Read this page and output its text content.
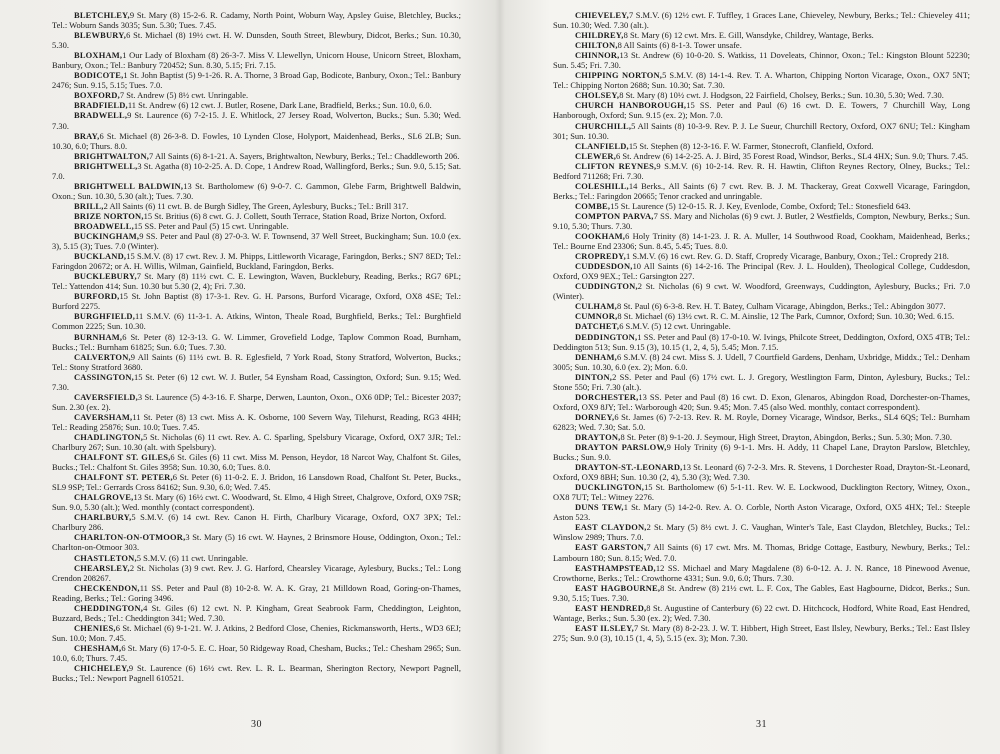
BLETCHLEY,9 St. Mary (8) 15-2-6. R. Cadamy, North Point, Woburn Way, Apsley Guise, Bletchley, Bucks.; Tel.: Woburn Sands 3035; Sun. 5.30; Tues. 7.45.

BLEWBURY,6 St. Michael (8) 19½ cwt. H. W. Dunsden, South Street, Blewbury, Didcot, Berks.; Sun. 10.30, 5.30.

BLOXHAM,1 Our Lady of Bloxham (8) 26-3-7. Miss V. Llewellyn, Unicorn House, Unicorn Street, Bloxham, Banbury, Oxon.; Tel.: Banbury 720452; Sun. 8.30, 5.15; Fri. 7.15.

BODICOTE,1 St. John Baptist (5) 9-1-26. R. A. Thorne, 3 Broad Gap, Bodicote, Banbury, Oxon.; Tel.: Banbury 2476; Sun. 9.15, 5.15; Tues. 7.0.

BOXFORD,7 St. Andrew (5) 8½ cwt. Unringable.

BRADFIELD,11 St. Andrew (6) 12 cwt. J. Butler, Rosene, Dark Lane, Bradfield, Berks.; Sun. 10.0, 6.0.

BRADWELL,9 St. Laurence (6) 7-2-15. J. E. Whitlock, 27 Jersey Road, Wolverton, Bucks.; Sun. 5.30; Wed. 7.30.

BRAY,6 St. Michael (8) 26-3-8. D. Fowles, 10 Lynden Close, Holyport, Maidenhead, Berks., SL6 2LB; Sun. 10.30, 6.0; Thurs. 8.0.

BRIGHTWALTON,7 All Saints (6) 8-1-21. A. Sayers, Brightwalton, Newbury, Berks.; Tel.: Chaddleworth 206.

BRIGHTWELL,3 St. Agatha (8) 10-2-25. A. D. Cope, 1 Andrew Road, Wallingford, Berks.; Sun. 9.0, 5.15; Sat. 7.0.

BRIGHTWELL BALDWIN,13 St. Bartholomew (6) 9-0-7. C. Gammon, Glebe Farm, Brightwell Baldwin, Oxon.; Sun. 10.30, 5.30 (alt.); Tues. 7.30.

BRILL,2 All Saints (6) 11 cwt. B. de Burgh Sidley, The Green, Aylesbury, Bucks.; Tel.: Brill 317.

BRIZE NORTON,15 St. Britius (6) 8 cwt. G. J. Collett, South Terrace, Station Road, Brize Norton, Oxford.

BROADWELL,15 SS. Peter and Paul (5) 15 cwt. Unringable.

BUCKINGHAM,9 SS. Peter and Paul (8) 27-0-3. W. F. Townsend, 37 Well Street, Buckingham; Sun. 10.0 (ex. 3), 5.15 (3); Tues. 7.0 (Winter).

BUCKLAND,15 S.M.V. (8) 17 cwt. Rev. J. M. Phipps, Littleworth Vicarage, Faringdon, Berks.; SN7 8ED; Tel.: Faringdon 20672; or A. H. Willis, Wilman, Gainfield, Buckland, Faringdon, Berks.

BUCKLEBURY,7 St. Mary (8) 11½ cwt. C. E. Lewington, Waven, Bucklebury, Reading, Berks.; RG7 6PL; Tel.: Yattendon 414; Sun. 10.30 but 5.30 (2, 4); Fri. 7.30.

BURFORD,15 St. John Baptist (8) 17-3-1. Rev. G. H. Parsons, Burford Vicarage, Oxford, OX8 4SE; Tel.: Burford 2275.

BURGHFIELD,11 S.M.V. (6) 11-3-1. A. Atkins, Winton, Theale Road, Burghfield, Berks.; Tel.: Burghfield Common 2225; Sun. 10.30.

BURNHAM,6 St. Peter (8) 12-3-13. G. W. Limmer, Grovefield Lodge, Taplow Common Road, Burnham, Bucks.; Tel.: Burnham 61825; Sun. 6.0; Tues. 7.30.

CALVERTON,9 All Saints (6) 11½ cwt. B. R. Eglesfield, 7 York Road, Stony Stratford, Wolverton, Bucks.; Tel.: Stony Stratford 3680.

CASSINGTON,15 St. Peter (6) 12 cwt. W. J. Butler, 54 Eynsham Road, Cassington, Oxford; Sun. 9.15; Wed. 7.30.

CAVERSFIELD,3 St. Laurence (5) 4-3-16. F. Sharpe, Derwen, Launton, Oxon., OX6 0DP; Tel.: Bicester 2037; Sun. 2.30 (ex. 2).

CAVERSHAM,11 St. Peter (8) 13 cwt. Miss A. K. Osborne, 100 Severn Way, Tilehurst, Reading, RG3 4HH; Tel.: Reading 25876; Sun. 10.0; Tues. 7.45.

CHADLINGTON,5 St. Nicholas (6) 11 cwt. Rev. A. C. Sparling, Spelsbury Vicarage, Oxford, OX7 3JR; Tel.: Charlbury 267; Sun. 10.30 (alt. with Spelsbury).

CHALFONT ST. GILES,6 St. Giles (6) 11 cwt. Miss M. Penson, Heydor, 18 Narcot Way, Chalfont St. Giles, Bucks.; Tel.: Chalfont St. Giles 3958; Sun. 10.30, 6.0; Tues. 8.0.

CHALFONT ST. PETER,6 St. Peter (6) 11-0-2. E. J. Bridon, 16 Lansdown Road, Chalfont St. Peter, Bucks., SL9 9SP; Tel.: Gerrards Cross 84162; Sun. 9.30, 6.0; Wed. 7.45.

CHALGROVE,13 St. Mary (6) 16½ cwt. C. Woodward, St. Elmo, 4 High Street, Chalgrove, Oxford, OX9 7SR; Sun. 9.0, 5.30 (alt.); Wed. monthly (contact correspondent).

CHARLBURY,5 S.M.V. (6) 14 cwt. Rev. Canon H. Firth, Charlbury Vicarage, Oxford, OX7 3PX; Tel.: Charlbury 286.

CHARLTON-ON-OTMOOR,3 St. Mary (5) 16 cwt. W. Haynes, 2 Brinsmore House, Oddington, Oxon.; Tel.: Charlton-on-Otmoor 303.

CHASTLETON,5 S.M.V. (6) 11 cwt. Unringable.

CHEARSLEY,2 St. Nicholas (3) 9 cwt. Rev. J. G. Harford, Chearsley Vicarage, Aylesbury, Bucks.; Tel.: Long Crendon 208267.

CHECKENDON,11 SS. Peter and Paul (8) 10-2-8. W. A. K. Gray, 21 Milldown Road, Goring-on-Thames, Reading, Berks.; Tel.: Goring 3496.

CHEDDINGTON,4 St. Giles (6) 12 cwt. N. P. Kingham, Great Seabrook Farm, Cheddington, Leighton, Buzzard, Beds.; Tel.: Cheddington 341; Wed. 7.30.

CHENIES,6 St. Michael (6) 9-1-21. W. J. Atkins, 2 Bedford Close, Chenies, Rickmansworth, Herts., WD3 6EJ; Sun. 10.0; Mon. 7.45.

CHESHAM,6 St. Mary (6) 17-0-5. E. C. Hoar, 50 Ridgeway Road, Chesham, Bucks.; Tel.: Chesham 2965; Sun. 10.0, 6.0; Thurs. 7.45.

CHICHELEY,9 St. Laurence (6) 16½ cwt. Rev. L. R. L. Bearman, Sherington Rectory, Newport Pagnell, Bucks.; Tel.: Newport Pagnell 610521.

30

CHIEVELEY,7 S.M.V. (6) 12½ cwt. F. Tuffley, 1 Graces Lane, Chieveley, Newbury, Berks.; Tel.: Chieveley 411; Sun. 10.30; Wed. 7.30 (alt.).

CHILDREY,8 St. Mary (6) 12 cwt. Mrs. E. Gill, Wansdyke, Childrey, Wantage, Berks.

CHILTON,8 All Saints (6) 8-1-3. Tower unsafe.

CHINNOR,13 St. Andrew (6) 10-0-20. S. Watkiss, 11 Doveleats, Chinnor, Oxon.; Tel.: Kingston Blount 52230; Sun. 5.45; Fri. 7.30.

CHIPPING NORTON,5 S.M.V. (8) 14-1-4. Rev. T. A. Wharton, Chipping Norton Vicarage, Oxon., OX7 5NT; Tel.: Chipping Norton 2688; Sun. 10.30; Sat. 7.30.

CHOLSEY,8 St. Mary (8) 10½ cwt. J. Hodgson, 22 Fairfield, Cholsey, Berks.; Sun. 10.30, 5.30; Wed. 7.30.

CHURCH HANBOROUGH,15 SS. Peter and Paul (6) 16 cwt. D. E. Towers, 7 Churchill Way, Long Hanborough, Oxford; Sun. 9.15 (ex. 2); Mon. 7.0.

CHURCHILL,5 All Saints (8) 10-3-9. Rev. P. J. Le Sueur, Churchill Rectory, Oxford, OX7 6NU; Tel.: Kingham 301; Sun. 10.30.

CLANFIELD,15 St. Stephen (8) 12-3-16. F. W. Farmer, Stonecroft, Clanfield, Oxford.

CLEWER,6 St. Andrew (6) 14-2-25. A. J. Bird, 35 Forest Road, Windsor, Berks., SL4 4HX; Sun. 9.0; Thurs. 7.45.

CLIFTON REYNES,9 S.M.V. (6) 10-2-14. Rev. R. H. Hawtin, Clifton Reynes Rectory, Olney, Bucks.; Tel.: Bedford 711268; Fri. 7.30.

COLESHILL,14 Berks., All Saints (6) 7 cwt. Rev. B. J. M. Thackeray, Great Coxwell Vicarage, Faringdon, Berks.; Tel.: Faringdon 20665; Tenor cracked and unringable.

COMBE,15 St. Laurence (5) 12-0-15. R. J. Key, Evenlode, Combe, Oxford; Tel.: Stonesfield 643.

COMPTON PARVA,7 SS. Mary and Nicholas (6) 9 cwt. J. Butler, 2 Westfields, Compton, Newbury, Berks.; Sun. 9.10, 5.30; Thurs. 7.30.

COOKHAM,6 Holy Trinity (8) 14-1-23. J. R. A. Muller, 14 Southwood Road, Cookham, Maidenhead, Berks.; Tel.: Bourne End 23306; Sun. 8.45, 5.45; Tues. 8.0.

CROPREDY,1 S.M.V. (6) 16 cwt. Rev. G. D. Staff, Cropredy Vicarage, Banbury, Oxon.; Tel.: Cropredy 218.

CUDDESDON,10 All Saints (6) 14-2-16. The Principal (Rev. J. L. Houlden), Theological College, Cuddesdon, Oxford, OX9 9EX.; Tel.: Garsington 227.

CUDDINGTON,2 St. Nicholas (6) 9 cwt. W. Woodford, Greenways, Cuddington, Aylesbury, Bucks.; Fri. 7.0 (Winter).

CULHAM,8 St. Paul (6) 6-3-8. Rev. H. T. Batey, Culham Vicarage, Abingdon, Berks.; Tel.: Abingdon 3077.

CUMNOR,8 St. Michael (6) 13½ cwt. R. C. M. Ainslie, 12 The Park, Cumnor, Oxford; Sun. 10.30; Wed. 6.15.

DATCHET,6 S.M.V. (5) 12 cwt. Unringable.

DEDDINGTON,1 SS. Peter and Paul (8) 17-0-10. W. Ivings, Philcote Street, Deddington, Oxford, OX5 4TB; Tel.: Deddington 513; Sun. 9.15 (3), 10.15 (1, 2, 4, 5), 5.45; Mon. 7.15.

DENHAM,6 S.M.V. (8) 24 cwt. Miss S. J. Udell, 7 Courtfield Gardens, Denham, Uxbridge, Middx.; Tel.: Denham 3005; Sun. 10.30, 6.0 (ex. 2); Mon. 6.0.

DINTON,2 SS. Peter and Paul (6) 17½ cwt. L. J. Gregory, Westlington Farm, Dinton, Aylesbury, Bucks.; Tel.: Stone 550; Fri. 7.30 (alt.).

DORCHESTER,13 SS. Peter and Paul (8) 16 cwt. D. Exon, Glenaros, Abingdon Road, Dorchester-on-Thames, Oxford, OX9 8JY; Tel.: Warborough 420; Sun. 9.45; Mon. 7.45 (also Wed. monthly, contact correspondent).

DORNEY,6 St. James (6) 7-2-13. Rev. R. M. Royle, Dorney Vicarage, Windsor, Berks., SL4 6QS; Tel.: Burnham 62823; Wed. 7.30; Sat. 5.0.

DRAYTON,8 St. Peter (8) 9-1-20. J. Seymour, High Street, Drayton, Abingdon, Berks.; Sun. 5.30; Mon. 7.30.

DRAYTON PARSLOW,9 Holy Trinity (6) 9-1-1. Mrs. H. Addy, 11 Chapel Lane, Drayton Parslow, Bletchley, Bucks.; Sun. 9.0.

DRAYTON-ST.-LEONARD,13 St. Leonard (6) 7-2-3. Mrs. R. Stevens, 1 Dorchester Road, Drayton-St.-Leonard, Oxford, OX9 8BH; Sun. 10.30 (2, 4), 5.30 (3); Wed. 7.30.

DUCKLINGTON,15 St. Bartholomew (6) 5-1-11. Rev. W. E. Lockwood, Ducklington Rectory, Witney, Oxon., OX8 7UT; Tel.: Witney 2276.

DUNS TEW,1 St. Mary (5) 14-2-0. Rev. A. O. Corble, North Aston Vicarage, Oxford, OX5 4HX; Tel.: Steeple Aston 523.

EAST CLAYDON,2 St. Mary (5) 8½ cwt. J. C. Vaughan, Winter's Tale, East Claydon, Bletchley, Bucks.; Tel.: Winslow 2989; Thurs. 7.0.

EAST GARSTON,7 All Saints (6) 17 cwt. Mrs. M. Thomas, Bridge Cottage, Eastbury, Newbury, Berks.; Tel.: Lambourn 180; Sun. 8.15; Wed. 7.0.

EASTHAMPSTEAD,12 SS. Michael and Mary Magdalene (8) 6-0-12. A. J. N. Rance, 18 Pinewood Avenue, Crowthorne, Berks.; Tel.: Crowthorne 4331; Sun. 9.0, 6.0; Thurs. 7.30.

EAST HAGBOURNE,8 St. Andrew (8) 21½ cwt. L. F. Cox, The Gables, East Hagbourne, Didcot, Berks.; Sun. 9.30, 5.15; Tues. 7.30.

EAST HENDRED,8 St. Augustine of Canterbury (6) 22 cwt. D. Hitchcock, Hodford, White Road, East Hendred, Wantage, Berks.; Sun. 5.30 (ex. 2); Wed. 7.30.

EAST ILSLEY,7 St. Mary (8) 8-2-23. J. W. T. Hibbert, High Street, East Ilsley, Newbury, Berks.; Tel.: East Ilsley 275; Sun. 9.0 (3), 10.15 (1, 4, 5), 5.15 (ex. 3); Mon. 7.30.

31
